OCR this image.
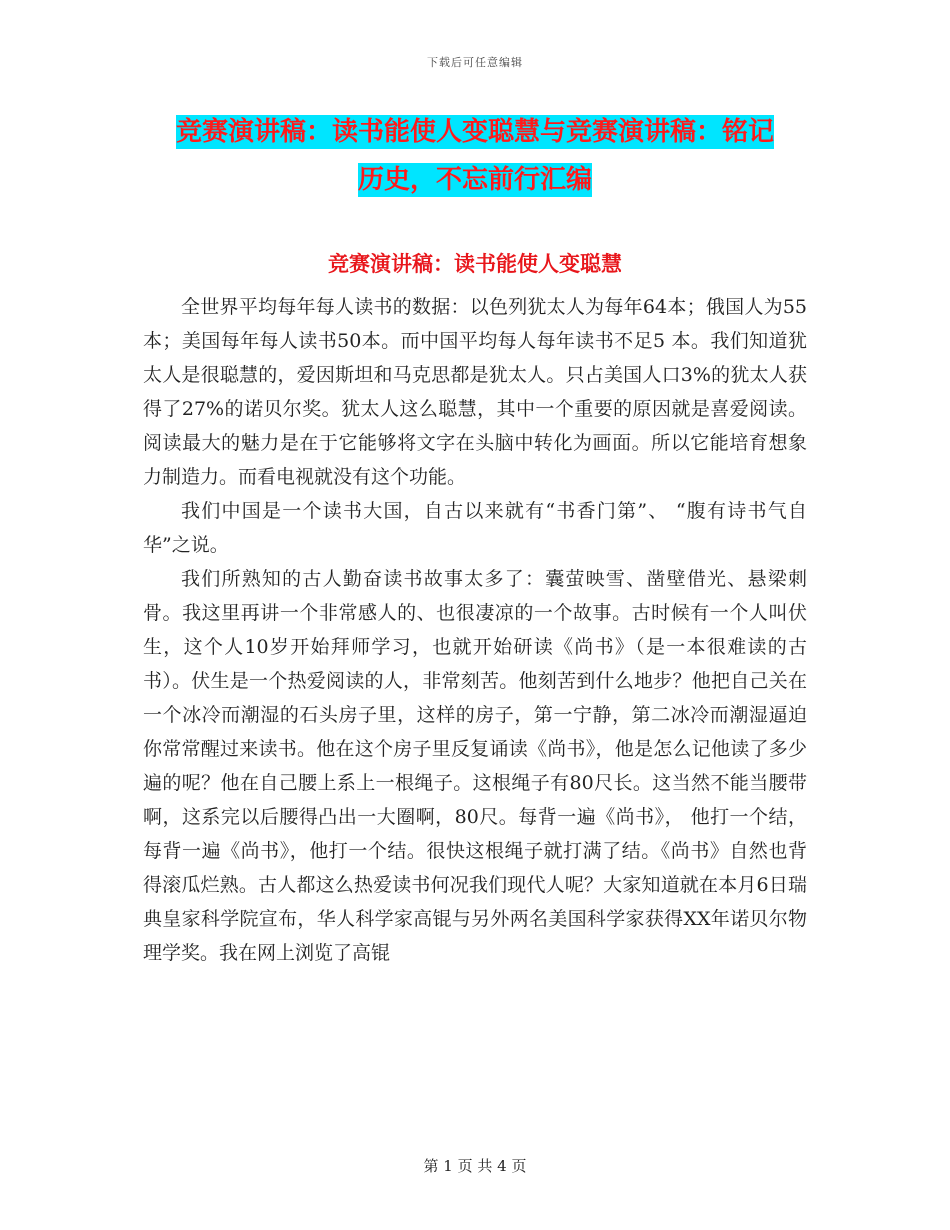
下载后可任意编辑
竞赛演讲稿：读书能使人变聪慧与竞赛演讲稿：铭记
历史，不忘前行汇编
竞赛演讲稿：读书能使人变聪慧

全世界平均每年每人读书的数据：以色列犹太人为每年64本；俄国人为55本；美国每年每人读书50本。而中国平均每人每年读书不足5 本。我们知道犹太人是很聪慧的，爱因斯坦和马克思都是犹太人。只占美国人口3%的犹太人获得了27%的诺贝尔奖。犹太人这么聪慧，其中一个重要的原因就是喜爱阅读。阅读最大的魅力是在于它能够将文字在头脑中转化为画面。所以它能培育想象力制造力。而看电视就没有这个功能。

我们中国是一个读书大国，自古以来就有“书香门第”、 “腹有诗书气自华”之说。

我们所熟知的古人勤奋读书故事太多了：囊萤映雪、凿壁借光、悬梁刺骨。我这里再讲一个非常感人的、也很凄凉的一个故事。古时候有一个人叫伏生，这个人10岁开始拜师学习，也就开始研读《尚书》（是一本很难读的古书）。伏生是一个热爱阅读的人，非常刻苦。他刻苦到什么地步？他把自己关在一个冰冷而潮湿的石头房子里，这样的房子，第一宁静，第二冰冷而潮湿逼迫你常常醒过来读书。他在这个房子里反复诵读《尚书》，他是怎么记他读了多少遍的呢？他在自己腰上系上一根绳子。这根绳子有80尺长。这当然不能当腰带啊，这系完以后腰得凸出一大圈啊，80尺。每背一遍《尚书》， 他打一个结，每背一遍《尚书》，他打一个结。很快这根绳子就打满了结。《尚书》自然也背得滚瓜烂熟。古人都这么热爱读书何况我们现代人呢？大家知道就在本月6日瑞典皇家科学院宣布，华人科学家高锟与另外两名美国科学家获得XX年诺贝尔物理学奖。我在网上浏览了高锟

第 1 页 共 4 页
